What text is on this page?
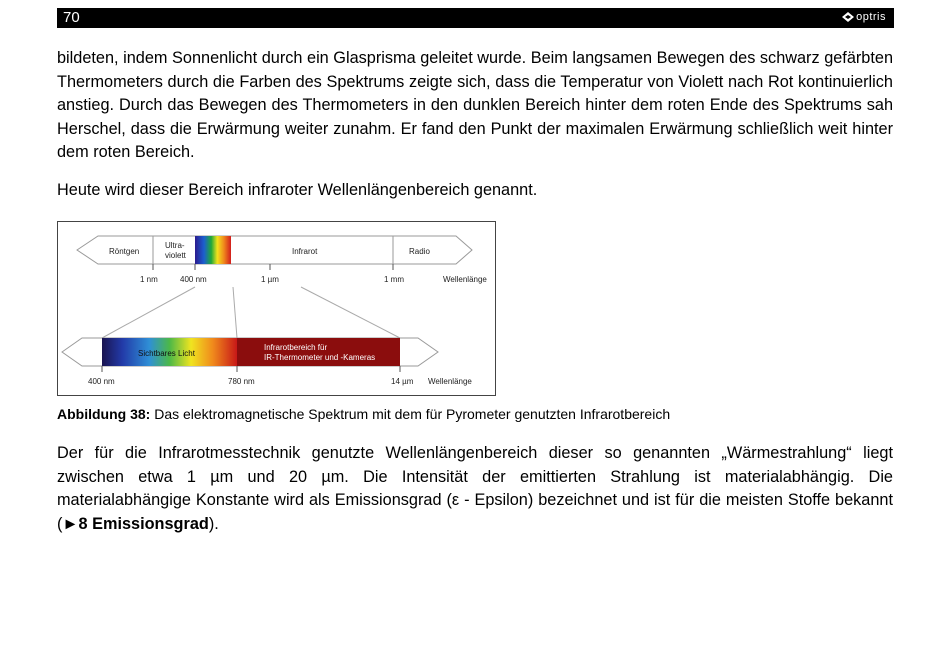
70	optris

bildeten, indem Sonnenlicht durch ein Glasprisma geleitet wurde. Beim langsamen Bewegen des schwarz gefärbten Thermometers durch die Farben des Spektrums zeigte sich, dass die Temperatur von Violett nach Rot kontinuierlich anstieg. Durch das Bewegen des Thermometers in den dunklen Bereich hinter dem roten Ende des Spektrums sah Herschel, dass die Erwärmung weiter zunahm. Er fand den Punkt der maximalen Erwärmung schließlich weit hinter dem roten Bereich.

Heute wird dieser Bereich infraroter Wellenlängenbereich genannt.

Röntgen
Ultra-
violett	Infrarot	Radio
1 nm	400 nm	1 µm	1 mm	Wellenlänge
Sichtbares Licht
Infrarotbereich für
IR-Thermometer und -Kameras
400 nm	780 nm	14 µm Wellenlänge

Abbildung 38: Das elektromagnetische Spektrum mit dem für Pyrometer genutzten Infrarotbereich

Der für die Infrarotmesstechnik genutzte Wellenlängenbereich dieser so genannten „Wärmestrahlung“ liegt zwischen etwa 1 µm und 20 µm. Die Intensität der emittierten Strahlung ist materialabhängig. Die materialabhängige Konstante wird als Emissionsgrad (ε - Epsilon) bezeichnet und ist für die meisten Stoffe bekannt (►8 Emissionsgrad).
